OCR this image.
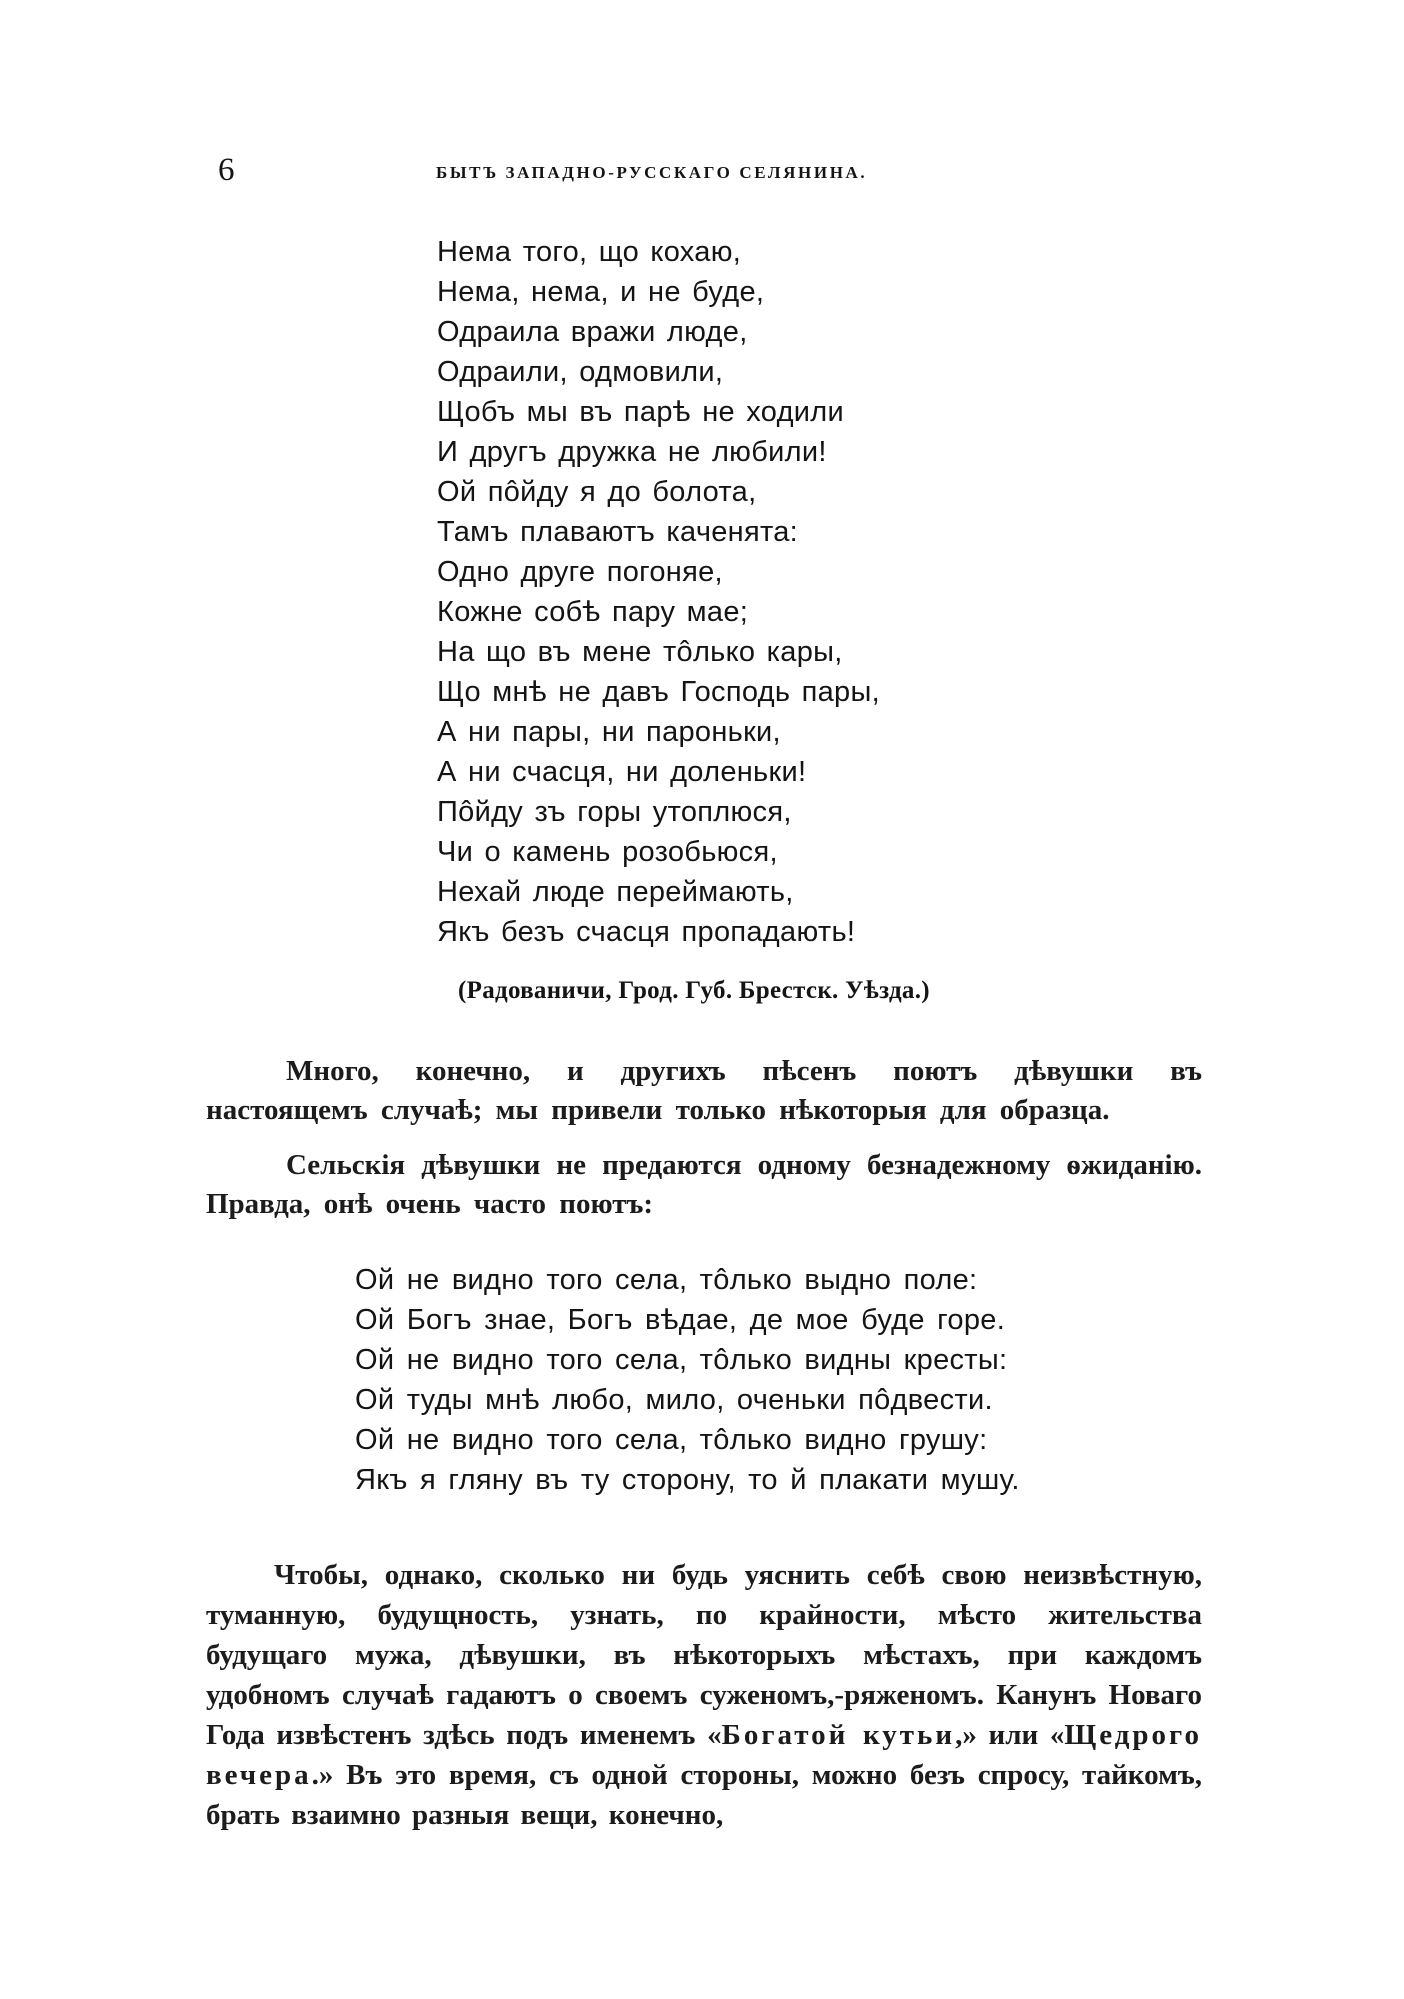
6	БЫТЪ ЗАПАДНО-РУССКАГО СЕЛЯНИНА.
Нема того, що кохаю,
Нема, нема, и не буде,
Одраила вражи люде,
Одраили, одмовили,
Щобъ мы въ парѣ не ходили
И другъ дружка не любили!
Ой пôйду я до болота,
Тамъ плаваютъ каченята:
Одно друге погоняе,
Кожне собѣ пару мае;
На що въ мене тôлько кары,
Що мнѣ не давъ Господь пары,
А ни пары, ни пароньки,
А ни счасця, ни доленьки!
Пôйду зъ горы утоплюся,
Чи о камень розобьюся,
Нехай люде переймають,
Якъ безъ счасця пропадають!
(Радованичи, Грод. Губ. Брестск. Уѣзда.)

Много, конечно, и другихъ пѣсенъ поютъ дѣвушки въ настоящемъ случаѣ; мы привели только нѣкоторыя для образца.

Сельскія дѣвушки не предаются одному безнадежному ѳжиданію. Правда, онѣ очень часто поютъ:

Ой не видно того села, тôлько выдно поле:
Ой Богъ знае, Богъ вѣдае, де мое буде горе.
Ой не видно того села, тôлько видны кресты:
Ой туды мнѣ любо, мило, оченьки пôдвести.
Ой не видно того села, тôлько видно грушу:
Якъ я гляну въ ту сторону, то й плакати мушу.

Чтобы, однако, сколько ни будь уяснить себѣ свою неизвѣстную, туманную, будущность, узнать, по крайности, мѣсто жительства будущаго мужа, дѣвушки, въ нѣкоторыхъ мѣстахъ, при каждомъ удобномъ случаѣ гадаютъ о своемъ суженомъ,-ряженомъ. Канунъ Новаго Года извѣстенъ здѣсь подъ именемъ «Богатой кутьи,» или «Щедрого вечера.» Въ это время, съ одной стороны, можно безъ спросу, тайкомъ, брать взаимно разныя вещи, конечно,
